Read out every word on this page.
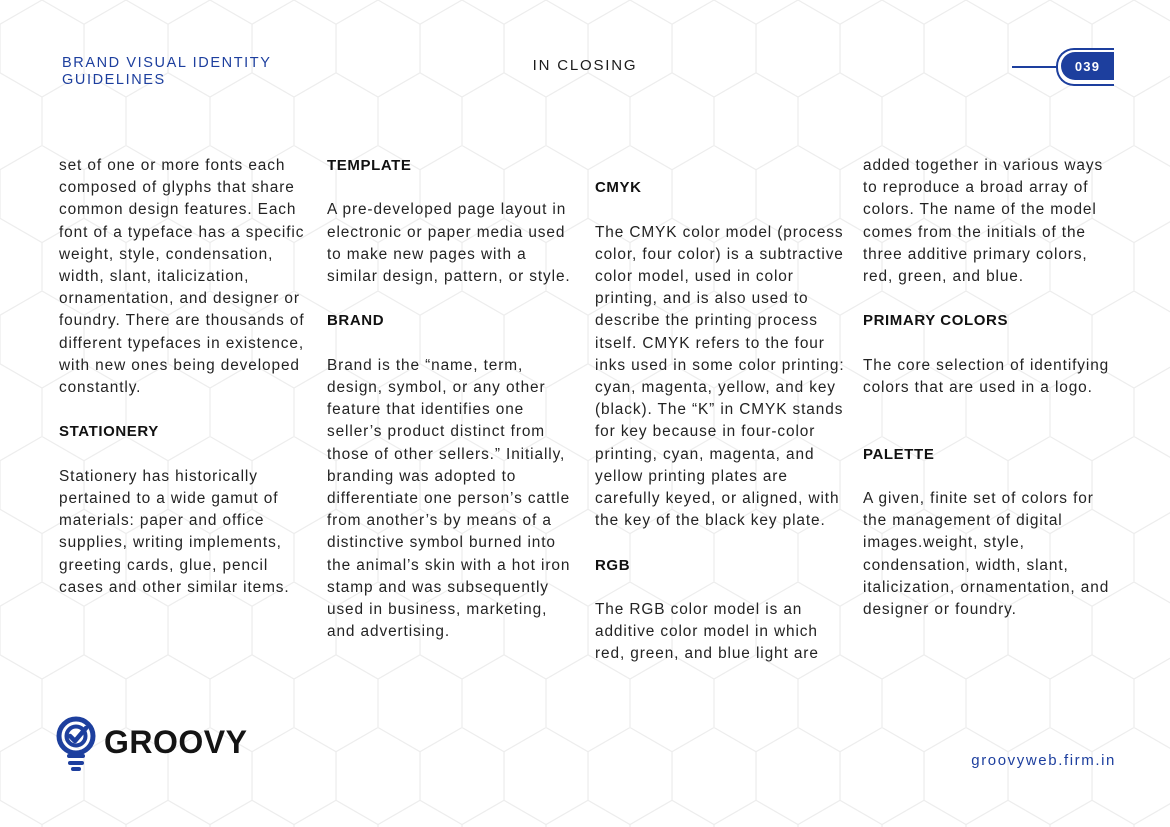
BRAND VISUAL IDENTITY GUIDELINES
IN CLOSING	039

set of one or more fonts each composed of glyphs that share common design features. Each font of a typeface has a specific weight, style, condensation, width, slant, italicization, ornamentation, and designer or foundry. There are thousands of different typefaces in existence, with new ones being developed constantly.

STATIONERY

Stationery has historically pertained to a wide gamut of materials: paper and office supplies, writing implements, greeting cards, glue, pencil cases and other similar items.

TEMPLATE

A pre-developed page layout in electronic or paper media used to make new pages with a similar design, pattern, or style.

BRAND

Brand is the “name, term, design, symbol, or any other feature that identifies one seller’s product distinct from those of other sellers.” Initially, branding was adopted to differentiate one person’s cattle from another’s by means of a distinctive symbol burned into the animal’s skin with a hot iron stamp and was subsequently used in business, marketing, and advertising.

CMYK

The CMYK color model (process color, four color) is a subtractive color model, used in color printing, and is also used to describe the printing process itself. CMYK refers to the four inks used in some color printing: cyan, magenta, yellow, and key (black). The “K” in CMYK stands for key because in four-color printing, cyan, magenta, and yellow printing plates are carefully keyed, or aligned, with the key of the black key plate.

RGB

The RGB color model is an additive color model in which red, green, and blue light are

added together in various ways to reproduce a broad array of colors. The name of the model comes from the initials of the three additive primary colors, red, green, and blue.

PRIMARY COLORS

The core selection of identifying colors that are used in a logo.

PALETTE

A given, finite set of colors for the management of digital images.weight, style, condensation, width, slant, italicization, ornamentation, and designer or foundry.

GROOVY
groovyweb.firm.in
